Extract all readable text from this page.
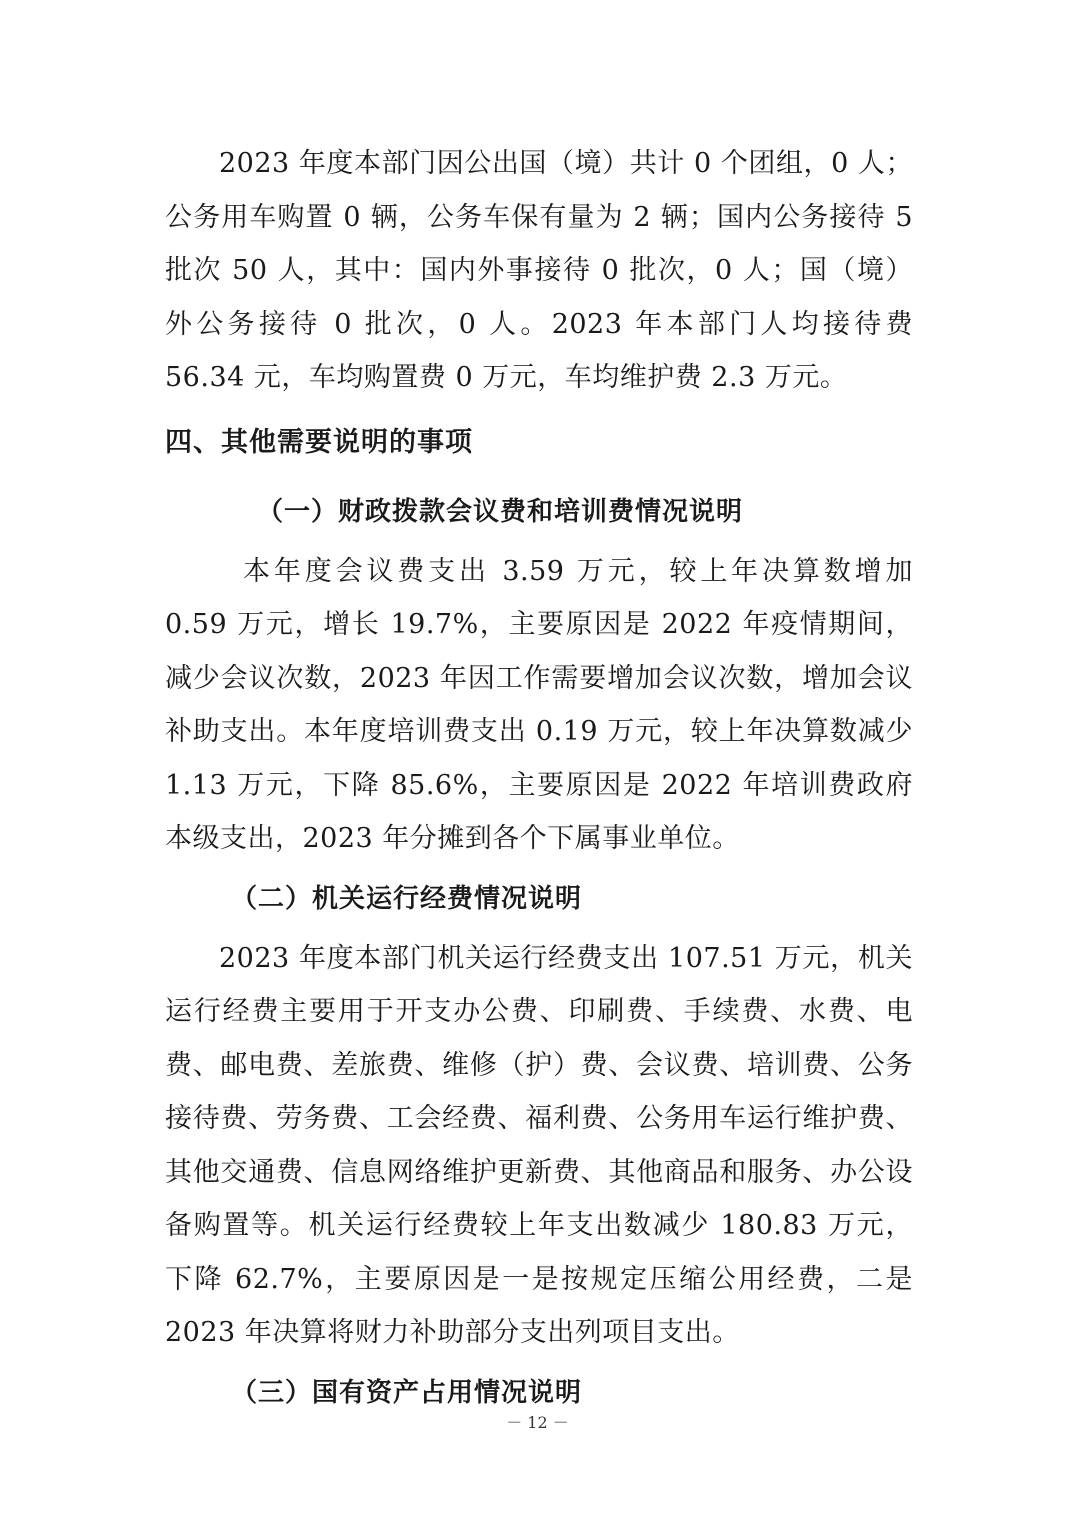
2023 年度本部门因公出国（境）共计 0 个团组，0 人；公务用车购置 0 辆，公务车保有量为 2 辆；国内公务接待 5 批次 50 人，其中：国内外事接待 0 批次，0 人；国（境）外公务接待 0 批次，0 人。2023 年本部门人均接待费 56.34 元，车均购置费 0 万元，车均维护费 2.3 万元。

四、其他需要说明的事项
（一）财政拨款会议费和培训费情况说明

本年度会议费支出 3.59 万元，较上年决算数增加 0.59 万元，增长 19.7%，主要原因是 2022 年疫情期间，减少会议次数，2023 年因工作需要增加会议次数，增加会议补助支出。本年度培训费支出 0.19 万元，较上年决算数减少 1.13 万元，下降 85.6%，主要原因是 2022 年培训费政府本级支出，2023 年分摊到各个下属事业单位。

（二）机关运行经费情况说明

2023 年度本部门机关运行经费支出 107.51 万元，机关运行经费主要用于开支办公费、印刷费、手续费、水费、电费、邮电费、差旅费、维修（护）费、会议费、培训费、公务接待费、劳务费、工会经费、福利费、公务用车运行维护费、其他交通费、信息网络维护更新费、其他商品和服务、办公设备购置等。机关运行经费较上年支出数减少 180.83 万元，下降 62.7%，主要原因是一是按规定压缩公用经费，二是 2023 年决算将财力补助部分支出列项目支出。

（三）国有资产占用情况说明
－ 12 －
